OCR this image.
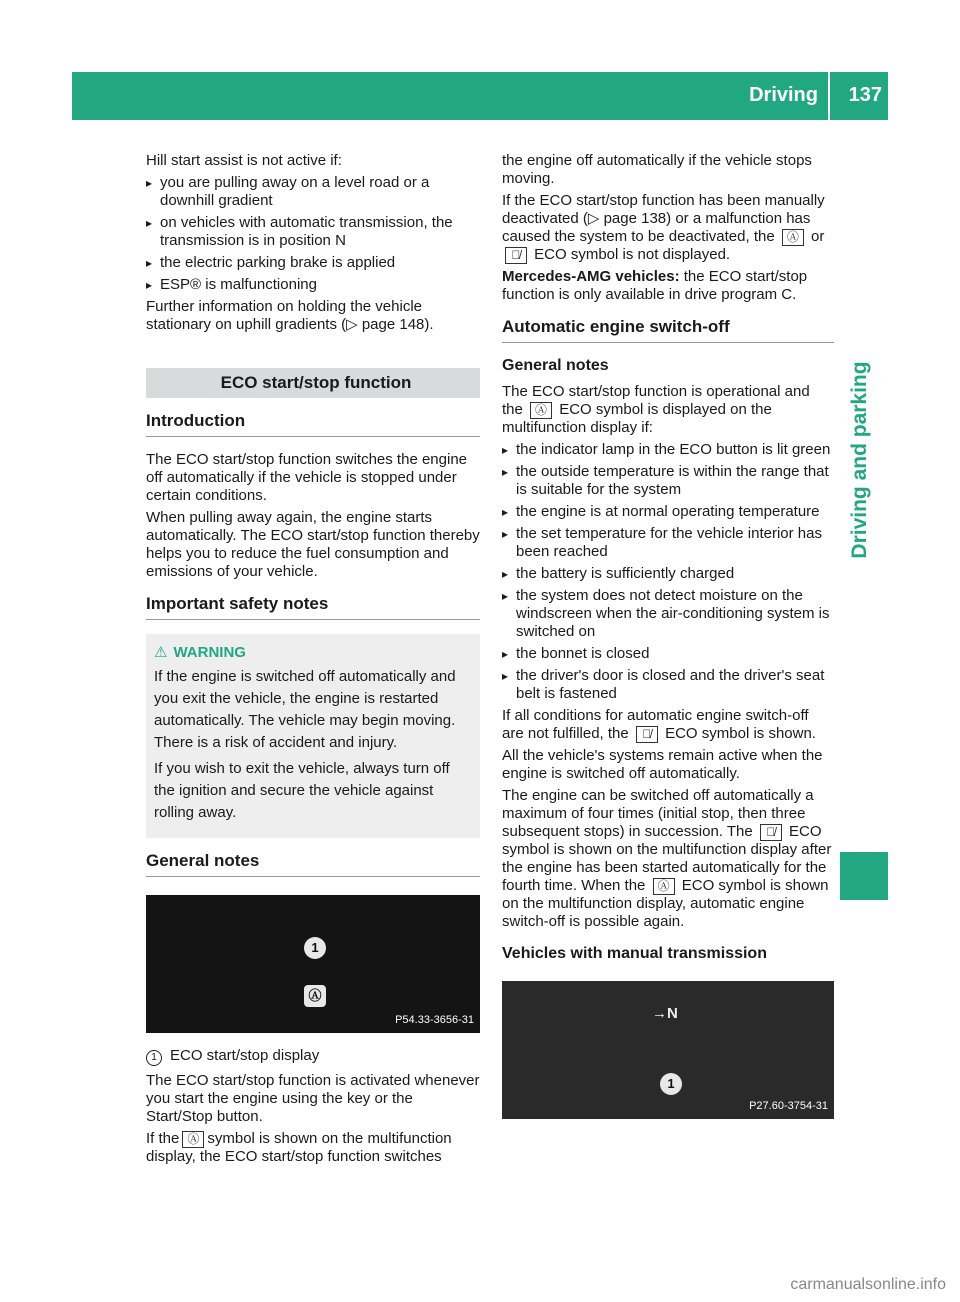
Driving 137
Driving and parking

Hill start assist is not active if:

▸ you are pulling away on a level road or a downhill gradient
▸ on vehicles with automatic transmission, the transmission is in position N
▸ the electric parking brake is applied
▸ ESP® is malfunctioning

Further information on holding the vehicle stationary on uphill gradients (▷ page 148).

ECO start/stop function
Introduction

The ECO start/stop function switches the engine off automatically if the vehicle is stopped under certain conditions.

When pulling away again, the engine starts automatically. The ECO start/stop function thereby helps you to reduce the fuel consumption and emissions of your vehicle.

Important safety notes
⚠ WARNING

If the engine is switched off automatically and you exit the vehicle, the engine is restarted automatically. The vehicle may begin moving. There is a risk of accident and injury.

If you wish to exit the vehicle, always turn off the ignition and secure the vehicle against rolling away.

General notes
1
Ⓐ
P54.33-3656-31
1 ECO start/stop display

The ECO start/stop function is activated whenever you start the engine using the key or the Start/Stop button.

If the Ⓐ symbol is shown on the multifunction display, the ECO start/stop function switches

the engine off automatically if the vehicle stops moving.

If the ECO start/stop function has been manually deactivated (▷ page 138) or a malfunction has caused the system to be deactivated, the Ⓐ or Ⓐ̸ ECO symbol is not displayed.

Mercedes-AMG vehicles: the ECO start/stop function is only available in drive program C.

Automatic engine switch-off
General notes

The ECO start/stop function is operational and the Ⓐ ECO symbol is displayed on the multifunction display if:

▸ the indicator lamp in the ECO button is lit green
▸ the outside temperature is within the range that is suitable for the system
▸ the engine is at normal operating temperature
▸ the set temperature for the vehicle interior has been reached
▸ the battery is sufficiently charged
▸ the system does not detect moisture on the windscreen when the air-conditioning system is switched on
▸ the bonnet is closed
▸ the driver's door is closed and the driver's seat belt is fastened

If all conditions for automatic engine switch-off are not fulfilled, the Ⓐ̸ ECO symbol is shown.

All the vehicle's systems remain active when the engine is switched off automatically.

The engine can be switched off automatically a maximum of four times (initial stop, then three subsequent stops) in succession. The Ⓐ̸ ECO symbol is shown on the multifunction display after the engine has been started automatically for the fourth time. When the Ⓐ ECO symbol is shown on the multifunction display, automatic engine switch-off is possible again.

Vehicles with manual transmission
→N
1
P27.60-3754-31
carmanualsonline.info
